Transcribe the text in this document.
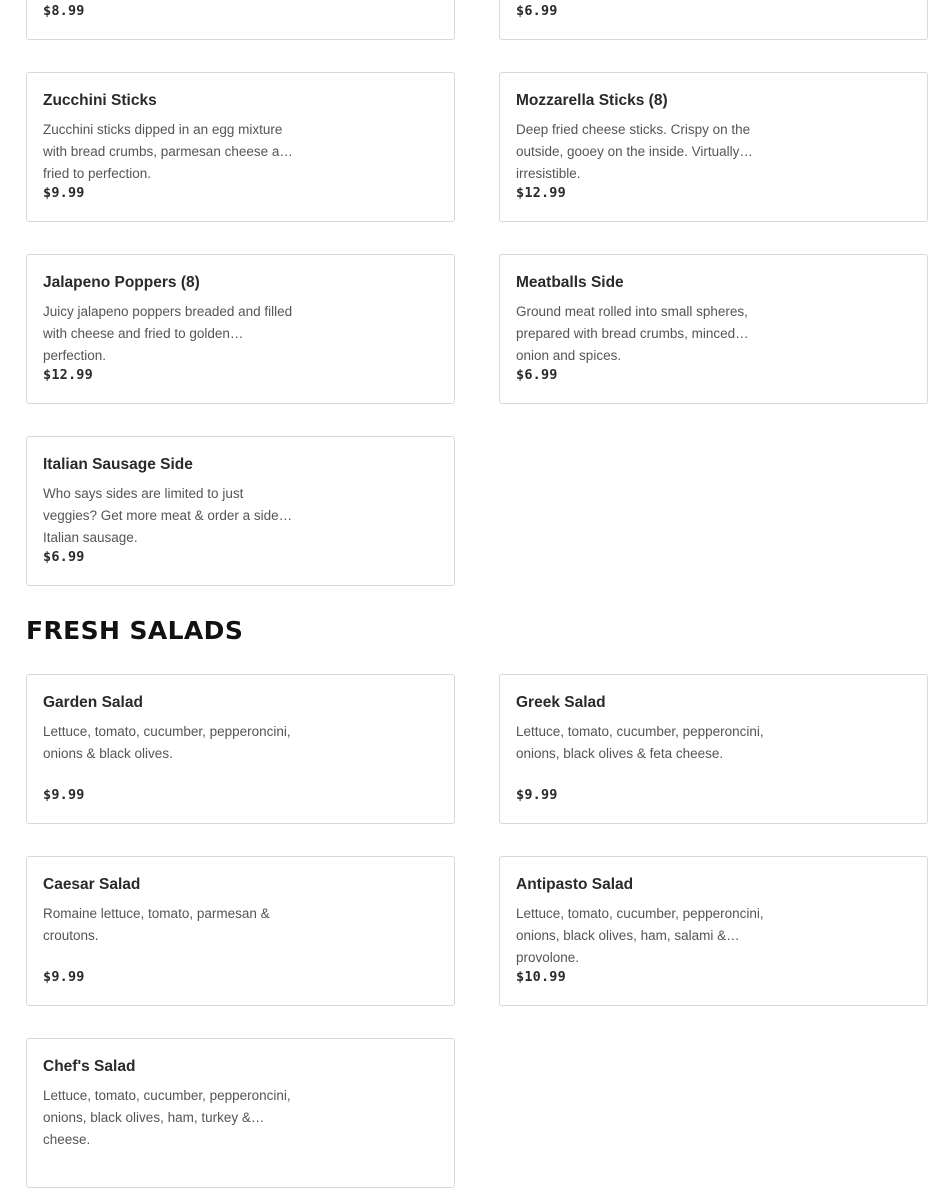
$8.99	$6.99
Zucchini Sticks
Zucchini sticks dipped in an egg mixture with bread crumbs, parmesan cheese and fried to perfection.
$9.99
Mozzarella Sticks (8)
Deep fried cheese sticks. Crispy on the outside, gooey on the inside. Virtually irresistible.
$12.99
Jalapeno Poppers (8)
Juicy jalapeno poppers breaded and filled with cheese and fried to golden perfection.
$12.99
Meatballs Side
Ground meat rolled into small spheres, prepared with bread crumbs, minced onion and spices.
$6.99
Italian Sausage Side
Who says sides are limited to just veggies? Get more meat & order a side of Italian sausage.
$6.99
FRESH SALADS
Garden Salad
Lettuce, tomato, cucumber, pepperoncini, onions & black olives.
$9.99
Greek Salad
Lettuce, tomato, cucumber, pepperoncini, onions, black olives & feta cheese.
$9.99
Caesar Salad
Romaine lettuce, tomato, parmesan & croutons.
$9.99
Antipasto Salad
Lettuce, tomato, cucumber, pepperoncini, onions, black olives, ham, salami & provolone.
$10.99
Chef's Salad
Lettuce, tomato, cucumber, pepperoncini, onions, black olives, ham, turkey & cheese.
